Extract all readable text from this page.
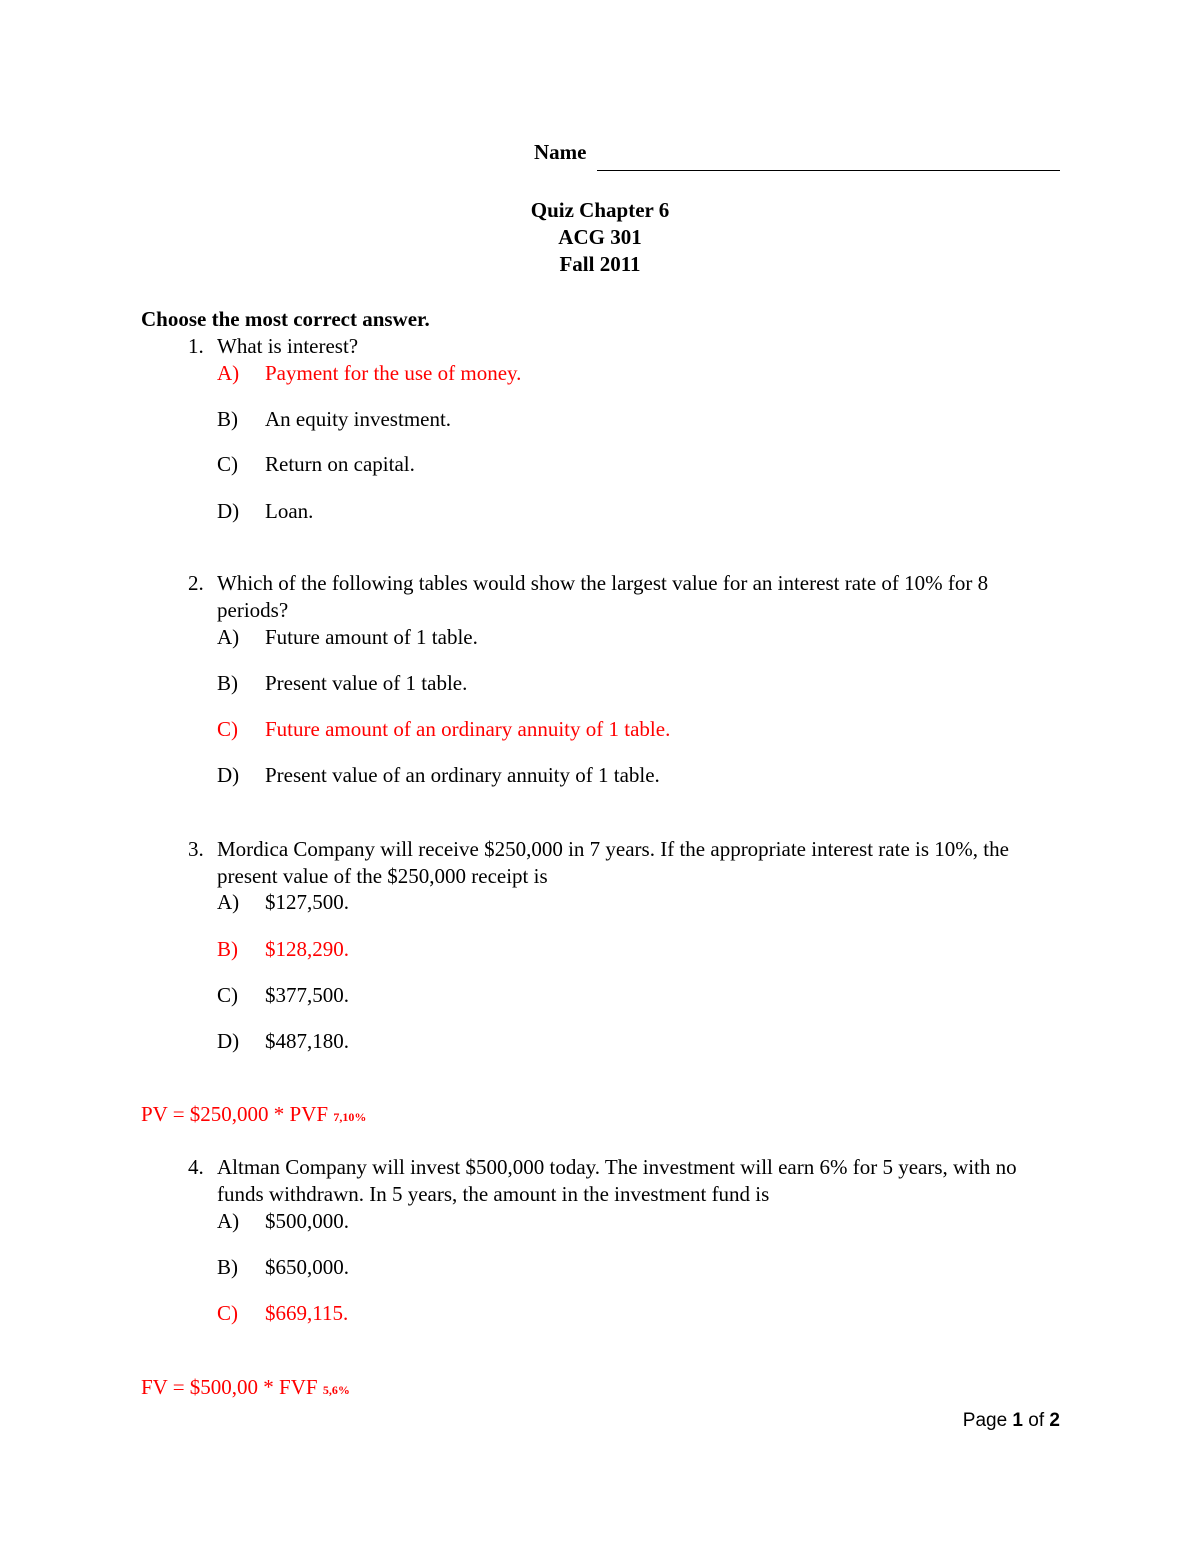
Name
Quiz Chapter 6
ACG 301
Fall 2011
Choose the most correct answer.
1. What is interest?
A) Payment for the use of money.
B) An equity investment.
C) Return on capital.
D) Loan.
2. Which of the following tables would show the largest value for an interest rate of 10% for 8 periods?
A) Future amount of 1 table.
B) Present value of 1 table.
C) Future amount of an ordinary annuity of 1 table.
D) Present value of an ordinary annuity of 1 table.
3. Mordica Company will receive $250,000 in 7 years. If the appropriate interest rate is 10%, the present value of the $250,000 receipt is
A) $127,500.
B) $128,290.
C) $377,500.
D) $487,180.
PV = $250,000 * PVF 7,10%
4. Altman Company will invest $500,000 today. The investment will earn 6% for 5 years, with no funds withdrawn. In 5 years, the amount in the investment fund is
A) $500,000.
B) $650,000.
C) $669,115.
FV = $500,00 * FVF 5,6%
Page 1 of 2
